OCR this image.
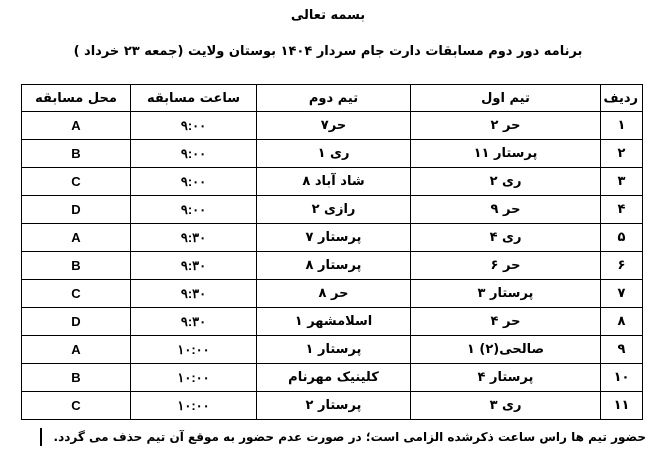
بسمه تعالی
برنامه دور دوم مسابقات دارت جام سردار ۱۴۰۴ بوستان ولایت (جمعه ۲۳ خرداد )
ردیف	تیم اول	تیم دوم	ساعت مسابقه	محل مسابقه
۱	حر ۲	حر۷	۹:۰۰	A
۲	پرستار ۱۱	ری ۱	۹:۰۰	B
۳	ری ۲	شاد آباد ۸	۹:۰۰	C
۴	حر ۹	رازی ۲	۹:۰۰	D
۵	ری ۴	پرستار ۷	۹:۳۰	A
۶	حر ۶	پرستار ۸	۹:۳۰	B
۷	پرستار ۳	حر ۸	۹:۳۰	C
۸	حر ۴	اسلامشهر ۱	۹:۳۰	D
۹	صالحی(۲) ۱	پرستار ۱	۱۰:۰۰	A
۱۰	پرستار ۴	کلینیک مهرنام	۱۰:۰۰	B
۱۱	ری ۳	پرستار ۲	۱۰:۰۰	C
حضور تیم ها راس ساعت ذکرشده الزامی است؛ در صورت عدم حضور به موقع آن تیم حذف می گردد.
